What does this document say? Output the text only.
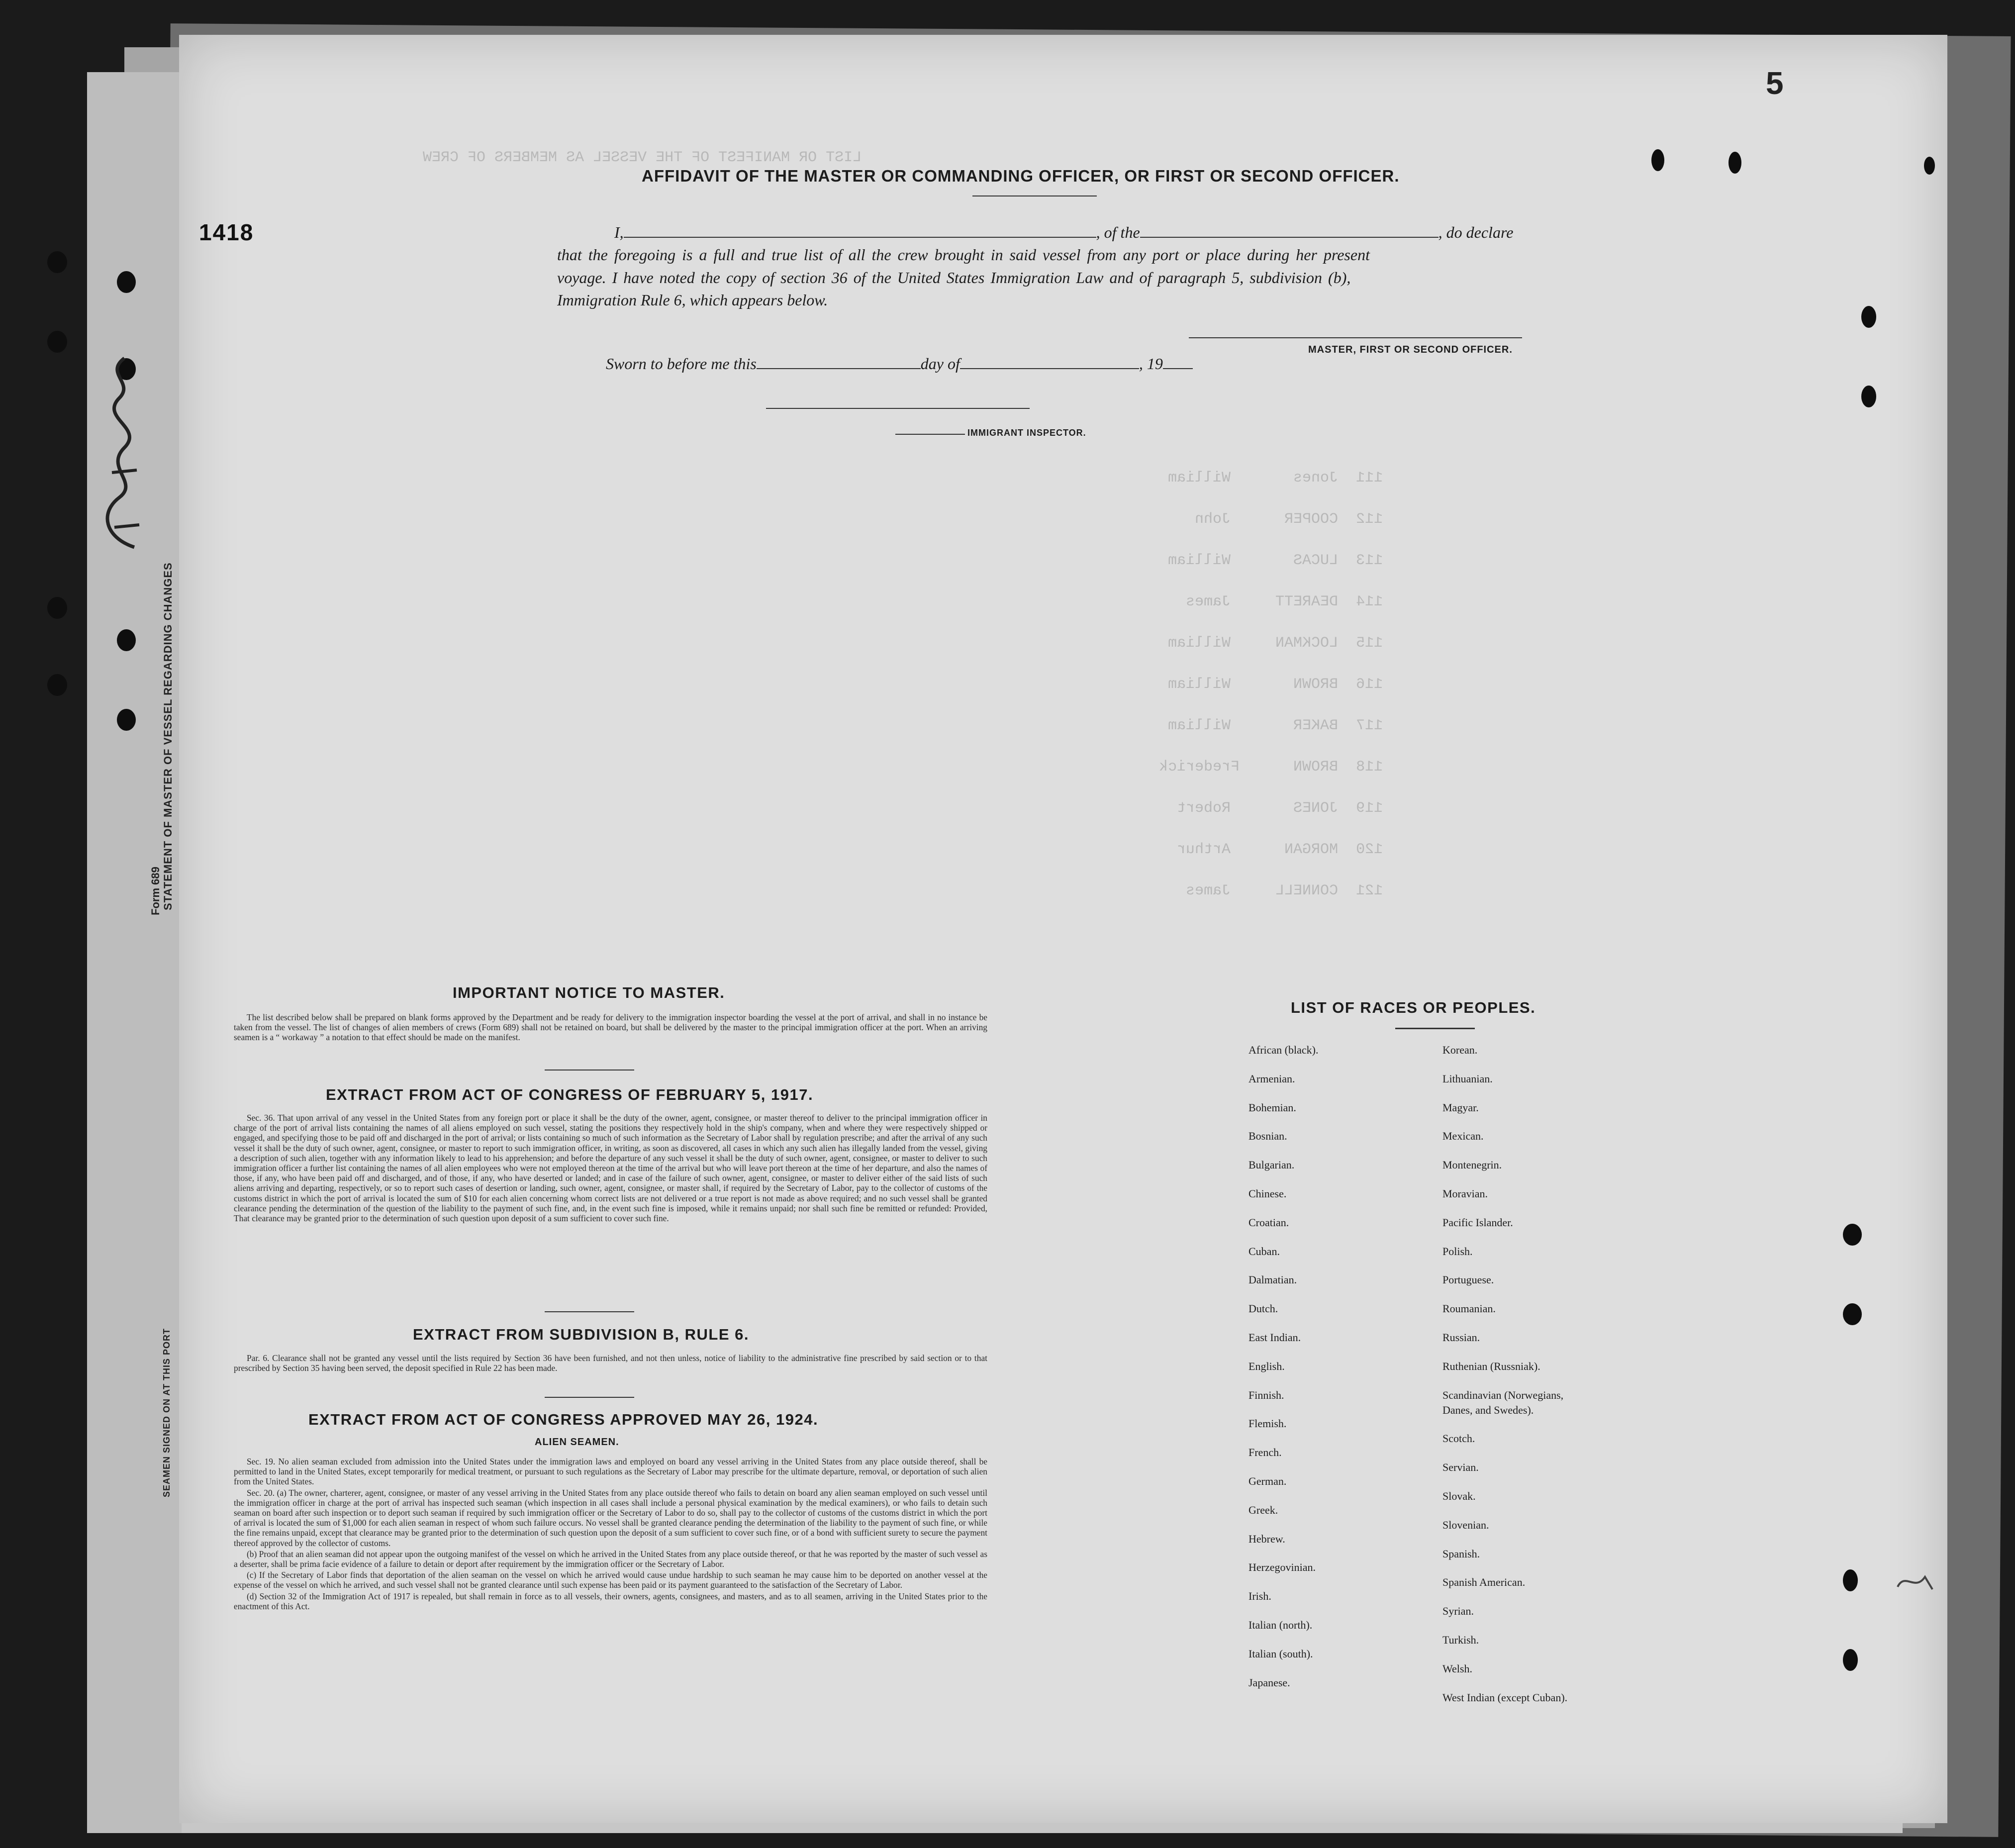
LIST OR MANIFEST OF THE VESSEL AS MEMBERS OF CREW
111  Jones       William
112  COOPER      John
113  LUCAS       William
114  DEARETT     James
115  LOCKMAN     William
116  BROWN       William
117  BAKER       William
118  BROWN      Frederick
119  JONES       Robert
120  MORGAN      Arthur
121  CONNELL     James
5
1418
Form 689 STATEMENT OF MASTER OF VESSEL REGARDING CHANGES
SEAMEN SIGNED ON AT THIS PORT
AFFIDAVIT OF THE MASTER OR COMMANDING OFFICER, OR FIRST OR SECOND OFFICER.
I,	, of the	, do declare
that the foregoing is a full and true list of all the crew brought in said vessel from any port or place during her present
voyage. I have noted the copy of section 36 of the United States Immigration Law and of paragraph 5, subdivision (b),
Immigration Rule 6, which appears below.
MASTER, FIRST OR SECOND OFFICER.
Sworn to before me this	day of	, 19
IMMIGRANT INSPECTOR.
IMPORTANT NOTICE TO MASTER.

The list described below shall be prepared on blank forms approved by the Department and be ready for delivery to the immigration inspector boarding the vessel at the port of arrival, and shall in no instance be taken from the vessel. The list of changes of alien members of crews (Form 689) shall not be retained on board, but shall be delivered by the master to the principal immigration officer at the port. When an arriving seamen is a “ workaway ” a notation to that effect should be made on the manifest.

EXTRACT FROM ACT OF CONGRESS OF FEBRUARY 5, 1917.

Sec. 36. That upon arrival of any vessel in the United States from any foreign port or place it shall be the duty of the owner, agent, consignee, or master thereof to deliver to the principal immigration officer in charge of the port of arrival lists containing the names of all aliens employed on such vessel, stating the positions they respectively hold in the ship's company, when and where they were respectively shipped or engaged, and specifying those to be paid off and discharged in the port of arrival; or lists containing so much of such information as the Secretary of Labor shall by regulation prescribe; and after the arrival of any such vessel it shall be the duty of such owner, agent, consignee, or master to report to such immigration officer, in writing, as soon as discovered, all cases in which any such alien has illegally landed from the vessel, giving a description of such alien, together with any information likely to lead to his apprehension; and before the departure of any such vessel it shall be the duty of such owner, agent, consignee, or master to deliver to such immigration officer a further list containing the names of all alien employees who were not employed thereon at the time of the arrival but who will leave port thereon at the time of her departure, and also the names of those, if any, who have been paid off and discharged, and of those, if any, who have deserted or landed; and in case of the failure of such owner, agent, consignee, or master to deliver either of the said lists of such aliens arriving and departing, respectively, or so to report such cases of desertion or landing, such owner, agent, consignee, or master shall, if required by the Secretary of Labor, pay to the collector of customs of the customs district in which the port of arrival is located the sum of $10 for each alien concerning whom correct lists are not delivered or a true report is not made as above required; and no such vessel shall be granted clearance pending the determination of the question of the liability to the payment of such fine, and, in the event such fine is imposed, while it remains unpaid; nor shall such fine be remitted or refunded: Provided, That clearance may be granted prior to the determination of such question upon deposit of a sum sufficient to cover such fine.

EXTRACT FROM SUBDIVISION B, RULE 6.

Par. 6. Clearance shall not be granted any vessel until the lists required by Section 36 have been furnished, and not then unless, notice of liability to the administrative fine prescribed by said section or to that prescribed by Section 35 having been served, the deposit specified in Rule 22 has been made.

EXTRACT FROM ACT OF CONGRESS APPROVED MAY 26, 1924.
ALIEN SEAMEN.

Sec. 19. No alien seaman excluded from admission into the United States under the immigration laws and employed on board any vessel arriving in the United States from any place outside thereof, shall be permitted to land in the United States, except temporarily for medical treatment, or pursuant to such regulations as the Secretary of Labor may prescribe for the ultimate departure, removal, or deportation of such alien from the United States.

Sec. 20. (a) The owner, charterer, agent, consignee, or master of any vessel arriving in the United States from any place outside thereof who fails to detain on board any alien seaman employed on such vessel until the immigration officer in charge at the port of arrival has inspected such seaman (which inspection in all cases shall include a personal physical examination by the medical examiners), or who fails to detain such seaman on board after such inspection or to deport such seaman if required by such immigration officer or the Secretary of Labor to do so, shall pay to the collector of customs of the customs district in which the port of arrival is located the sum of $1,000 for each alien seaman in respect of whom such failure occurs. No vessel shall be granted clearance pending the determination of the liability to the payment of such fine, or while the fine remains unpaid, except that clearance may be granted prior to the determination of such question upon the deposit of a sum sufficient to cover such fine, or of a bond with sufficient surety to secure the payment thereof approved by the collector of customs.

(b) Proof that an alien seaman did not appear upon the outgoing manifest of the vessel on which he arrived in the United States from any place outside thereof, or that he was reported by the master of such vessel as a deserter, shall be prima facie evidence of a failure to detain or deport after requirement by the immigration officer or the Secretary of Labor.

(c) If the Secretary of Labor finds that deportation of the alien seaman on the vessel on which he arrived would cause undue hardship to such seaman he may cause him to be deported on another vessel at the expense of the vessel on which he arrived, and such vessel shall not be granted clearance until such expense has been paid or its payment guaranteed to the satisfaction of the Secretary of Labor.

(d) Section 32 of the Immigration Act of 1917 is repealed, but shall remain in force as to all vessels, their owners, agents, consignees, and masters, and as to all seamen, arriving in the United States prior to the enactment of this Act.

LIST OF RACES OR PEOPLES.
African (black).
Armenian.
Bohemian.
Bosnian.
Bulgarian.
Chinese.
Croatian.
Cuban.
Dalmatian.
Dutch.
East Indian.
English.
Finnish.
Flemish.
French.
German.
Greek.
Hebrew.
Herzegovinian.
Irish.
Italian (north).
Italian (south).
Japanese.
Korean.
Lithuanian.
Magyar.
Mexican.
Montenegrin.
Moravian.
Pacific Islander.
Polish.
Portuguese.
Roumanian.
Russian.
Ruthenian (Russniak).
Scandinavian (Norwegians,
Danes, and Swedes).
Scotch.
Servian.
Slovak.
Slovenian.
Spanish.
Spanish American.
Syrian.
Turkish.
Welsh.
West Indian (except Cuban).
